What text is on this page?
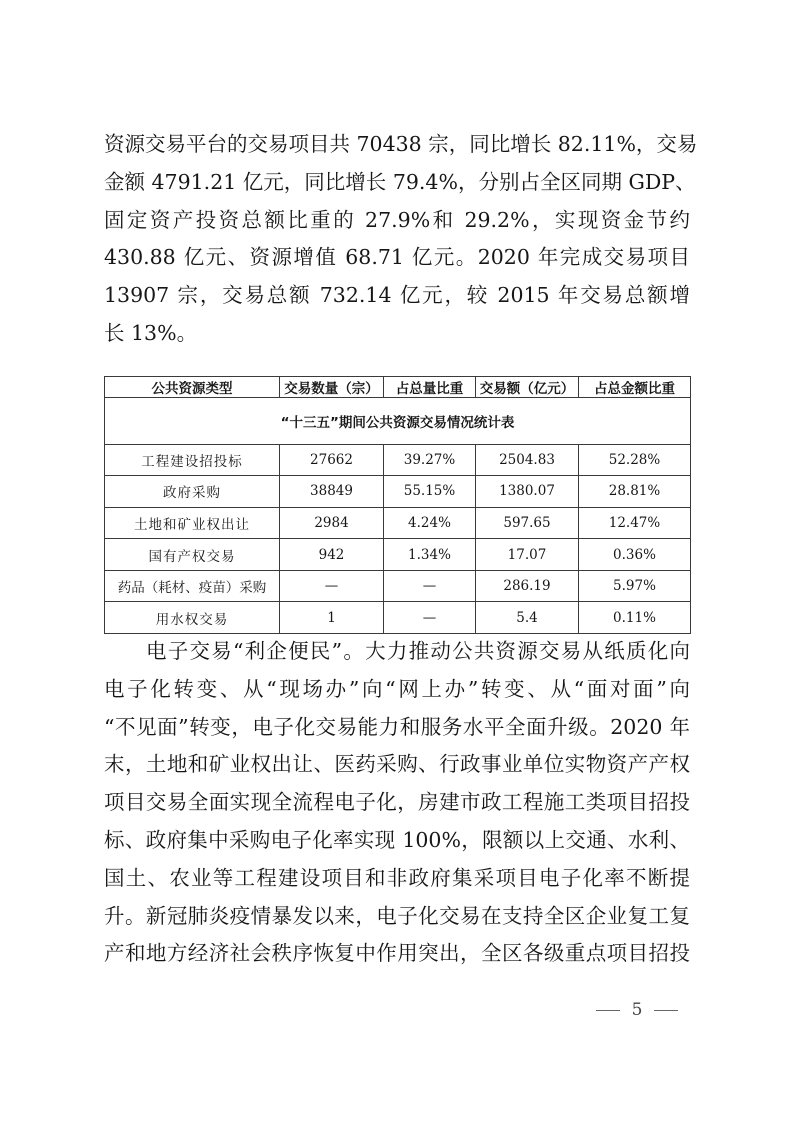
资源交易平台的交易项目共 70438 宗，同比增长 82.11%，交易
金额 4791.21 亿元，同比增长 79.4%，分别占全区同期 GDP、
固定资产投资总额比重的 27.9%和 29.2%，实现资金节约
430.88 亿元、资源增值 68.71 亿元。2020 年完成交易项目
13907 宗，交易总额 732.14 亿元，较 2015 年交易总额增
长 13%。
“十三五”期间公共资源交易情况统计表				
公共资源类型	交易数量（宗）	占总量比重	交易额（亿元）	占总金额比重
工程建设招投标	27662	39.27%	2504.83	52.28%
政府采购	38849	55.15%	1380.07	28.81%
土地和矿业权出让	2984	4.24%	597.65	12.47%
国有产权交易	942	1.34%	17.07	0.36%
药品（耗材、疫苗）采购	—	—	286.19	5.97%
用水权交易	1	—	5.4	0.11%
电子交易“利企便民”。大力推动公共资源交易从纸质化向
电子化转变、从“现场办”向“网上办”转变、从“面对面”向
“不见面”转变，电子化交易能力和服务水平全面升级。2020 年
末，土地和矿业权出让、医药采购、行政事业单位实物资产产权
项目交易全面实现全流程电子化，房建市政工程施工类项目招投
标、政府集中采购电子化率实现 100%，限额以上交通、水利、
国土、农业等工程建设项目和非政府集采项目电子化率不断提
升。新冠肺炎疫情暴发以来，电子化交易在支持全区企业复工复
产和地方经济社会秩序恢复中作用突出，全区各级重点项目招投
5
